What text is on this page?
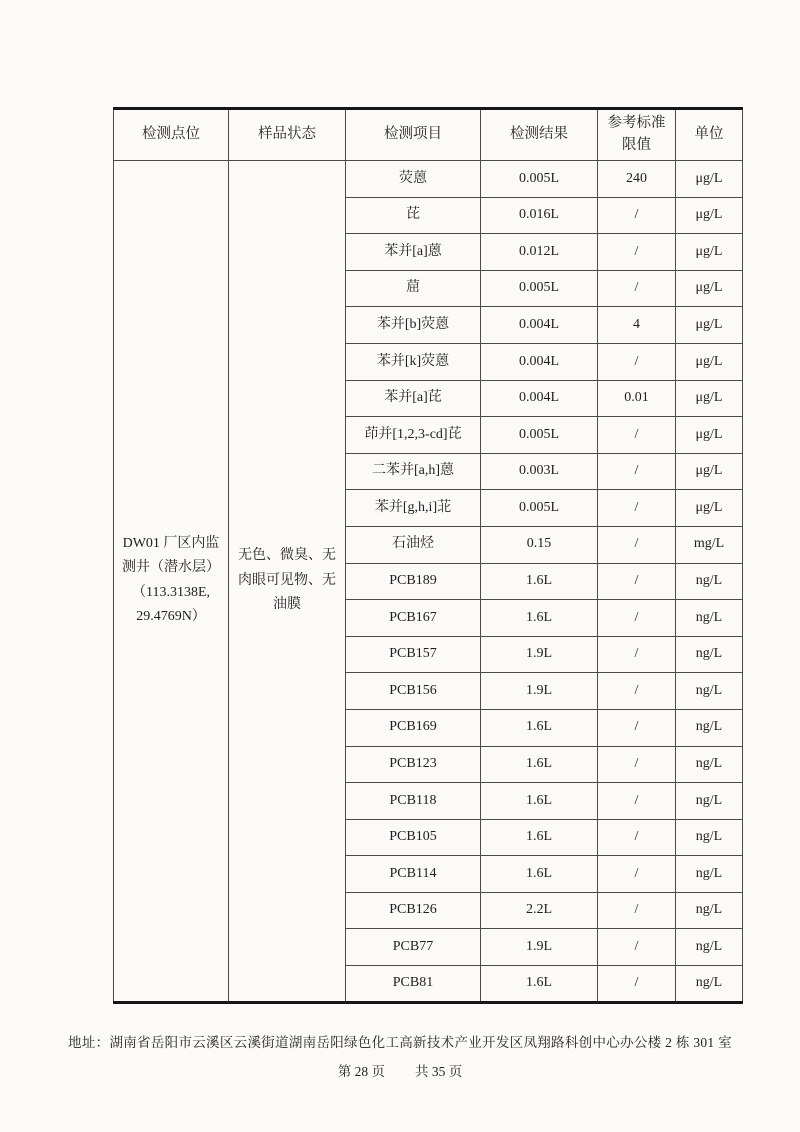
检测点位	样品状态	检测项目	检测结果	参考标准限值	单位
DW01 厂区内监测井（潜水层）（113.3138E, 29.4769N）	无色、微臭、无肉眼可见物、无油膜	荧蒽	0.005L	240	μg/L
		芘	0.016L	/	μg/L
		苯并[a]蒽	0.012L	/	μg/L
		䓛	0.005L	/	μg/L
		苯并[b]荧蒽	0.004L	4	μg/L
		苯并[k]荧蒽	0.004L	/	μg/L
		苯并[a]芘	0.004L	0.01	μg/L
		茚并[1,2,3-cd]芘	0.005L	/	μg/L
		二苯并[a,h]蒽	0.003L	/	μg/L
		苯并[g,h,i]苝	0.005L	/	μg/L
		石油烃	0.15	/	mg/L
		PCB189	1.6L	/	ng/L
		PCB167	1.6L	/	ng/L
		PCB157	1.9L	/	ng/L
		PCB156	1.9L	/	ng/L
		PCB169	1.6L	/	ng/L
		PCB123	1.6L	/	ng/L
		PCB118	1.6L	/	ng/L
		PCB105	1.6L	/	ng/L
		PCB114	1.6L	/	ng/L
		PCB126	2.2L	/	ng/L
		PCB77	1.9L	/	ng/L
		PCB81	1.6L	/	ng/L
地址：湖南省岳阳市云溪区云溪街道湖南岳阳绿色化工高新技术产业开发区凤翔路科创中心办公楼 2 栋 301 室
第 28 页 共 35 页
